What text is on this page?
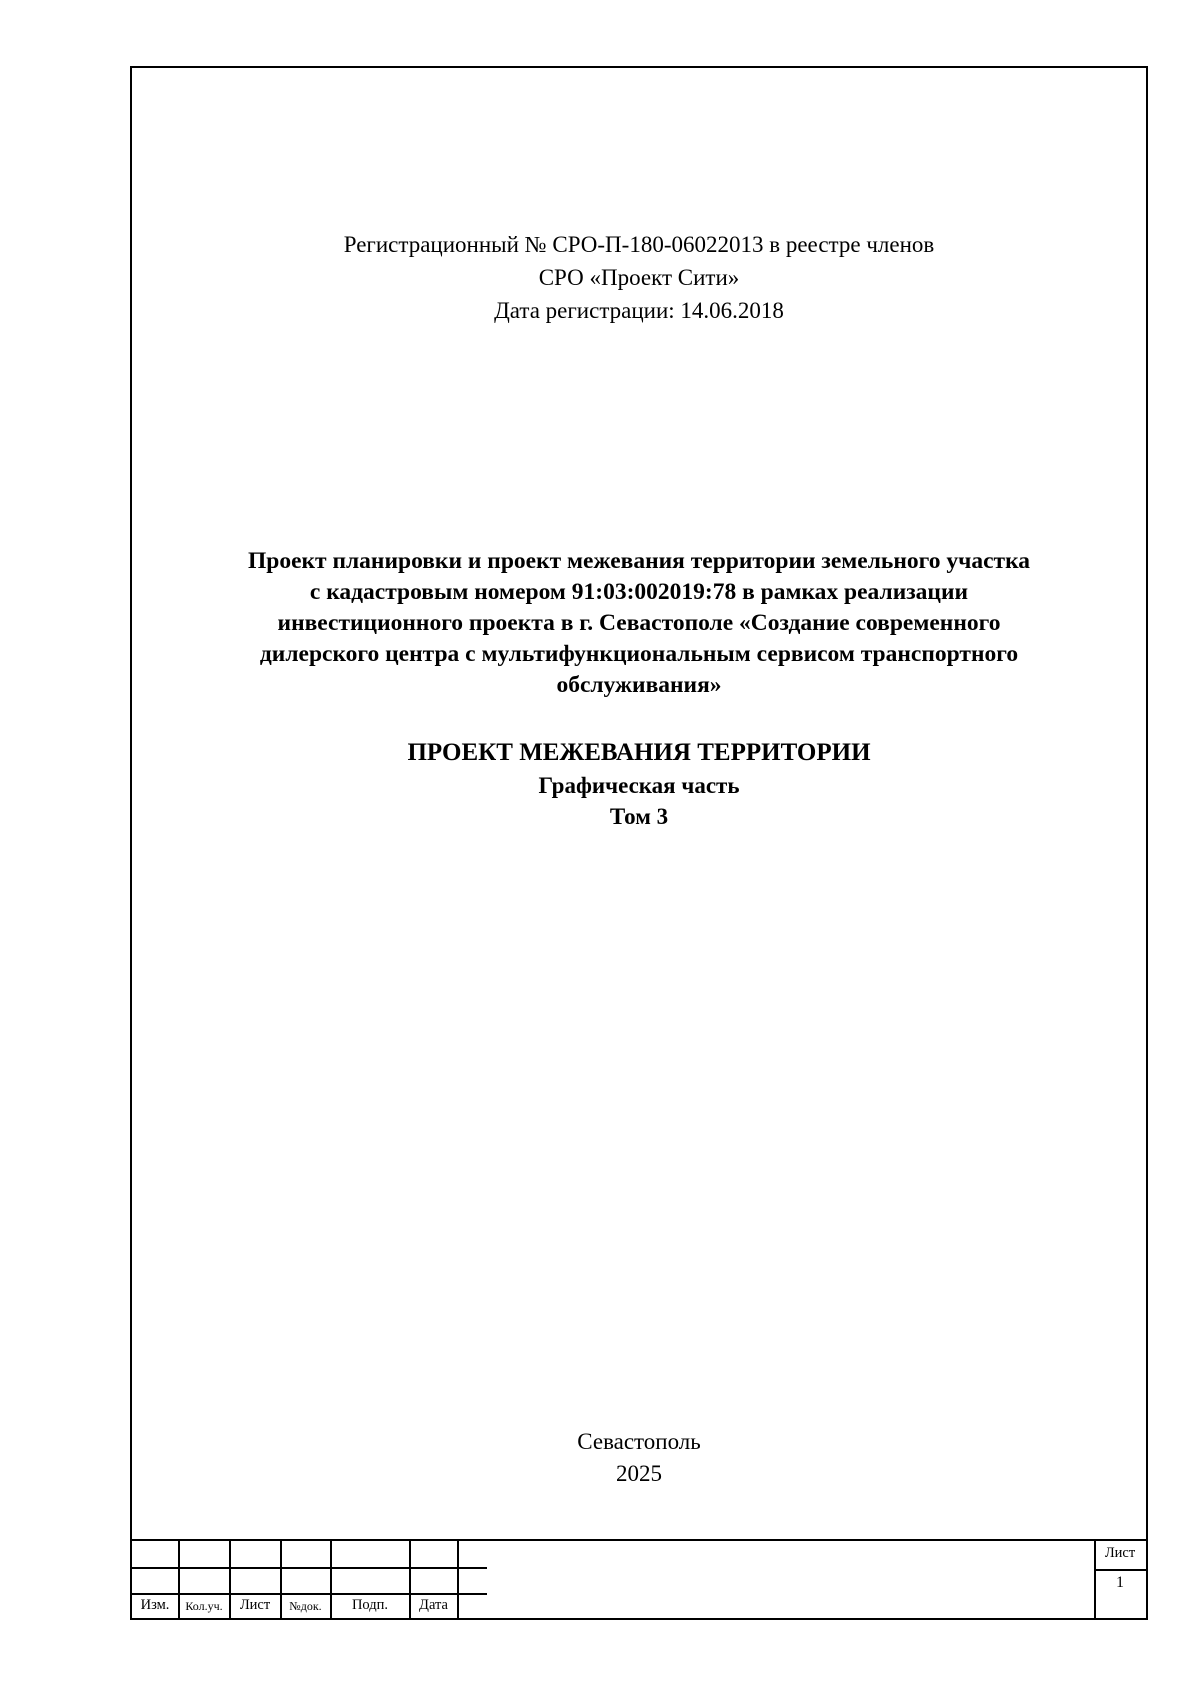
Регистрационный № СРО-П-180-06022013 в реестре членов
СРО «Проект Сити»
Дата регистрации: 14.06.2018
Проект планировки и проект межевания территории земельного участка
с кадастровым номером 91:03:002019:78 в рамках реализации
инвестиционного проекта в г. Севастополе «Создание современного
дилерского центра с мультифункциональным сервисом транспортного
обслуживания»
ПРОЕКТ МЕЖЕВАНИЯ ТЕРРИТОРИИ
Графическая часть
Том 3
Севастополь
2025
Изм.	Кол.уч.	Лист	№док.	Подп.	Дата
Лист
1
